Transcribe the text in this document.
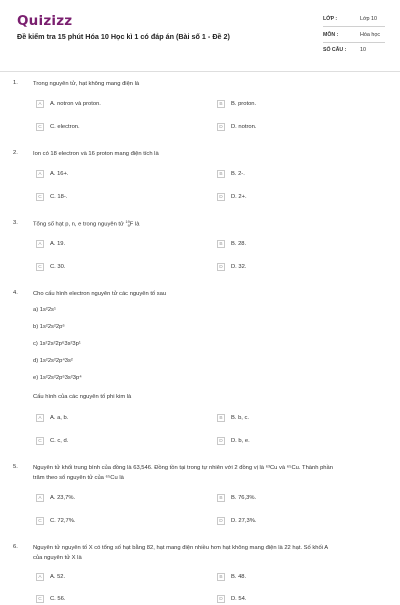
Quizizz
Đề kiểm tra 15 phút Hóa 10 Học kì 1 có đáp án (Bài số 1 - Đề 2)
LỚP :	Lớp 10
MÔN :	Hóa học
SỐ CÂU :	10
1.	Trong nguyên tử, hạt không mang điện là
A	A. notron và proton.	B	B. proton.
C	C. electron.	D	D. notron.
2.	Ion có 18 electron và 16 proton mang điện tích là
A	A. 16+.	B	B. 2-.
C	C. 18-.	D	D. 2+.
3.	Tổng số hạt p, n, e trong nguyên tử 19
9 F là
A	A. 19.	B	B. 28.
C	C. 30.	D	D. 32.
4.	Cho cấu hình electron nguyên tử các nguyên tố sau
a) 1s²2s¹
b) 1s²2s²2p⁶
c) 1s²2s²2p⁶3s²3p¹
d) 1s²2s²2p⁴3s²
e) 1s²2s²2p⁶3s²3p⁴
Cấu hình của các nguyên tố phi kim là
A	A. a, b.	B	B. b, c.
C	C. c, d.	D	D. b, e.
5.	Nguyên tử khối trung bình của đồng là 63,546. Đồng tồn tại trong tự nhiên với 2 đồng vị là ⁶³Cu và ⁶⁵Cu. Thành phần
trăm theo số nguyên tử của ⁶⁵Cu là
A	A. 23,7%.	B	B. 76,3%.
C	C. 72,7%.	D	D. 27,3%.
6.	Nguyên tử nguyên tố X có tổng số hạt bằng 82, hạt mang điện nhiều hơn hạt không mang điện là 22 hạt. Số khối A
của nguyên tử X là
A	A. 52.	B	B. 48.
C	C. 56.	D	D. 54.
